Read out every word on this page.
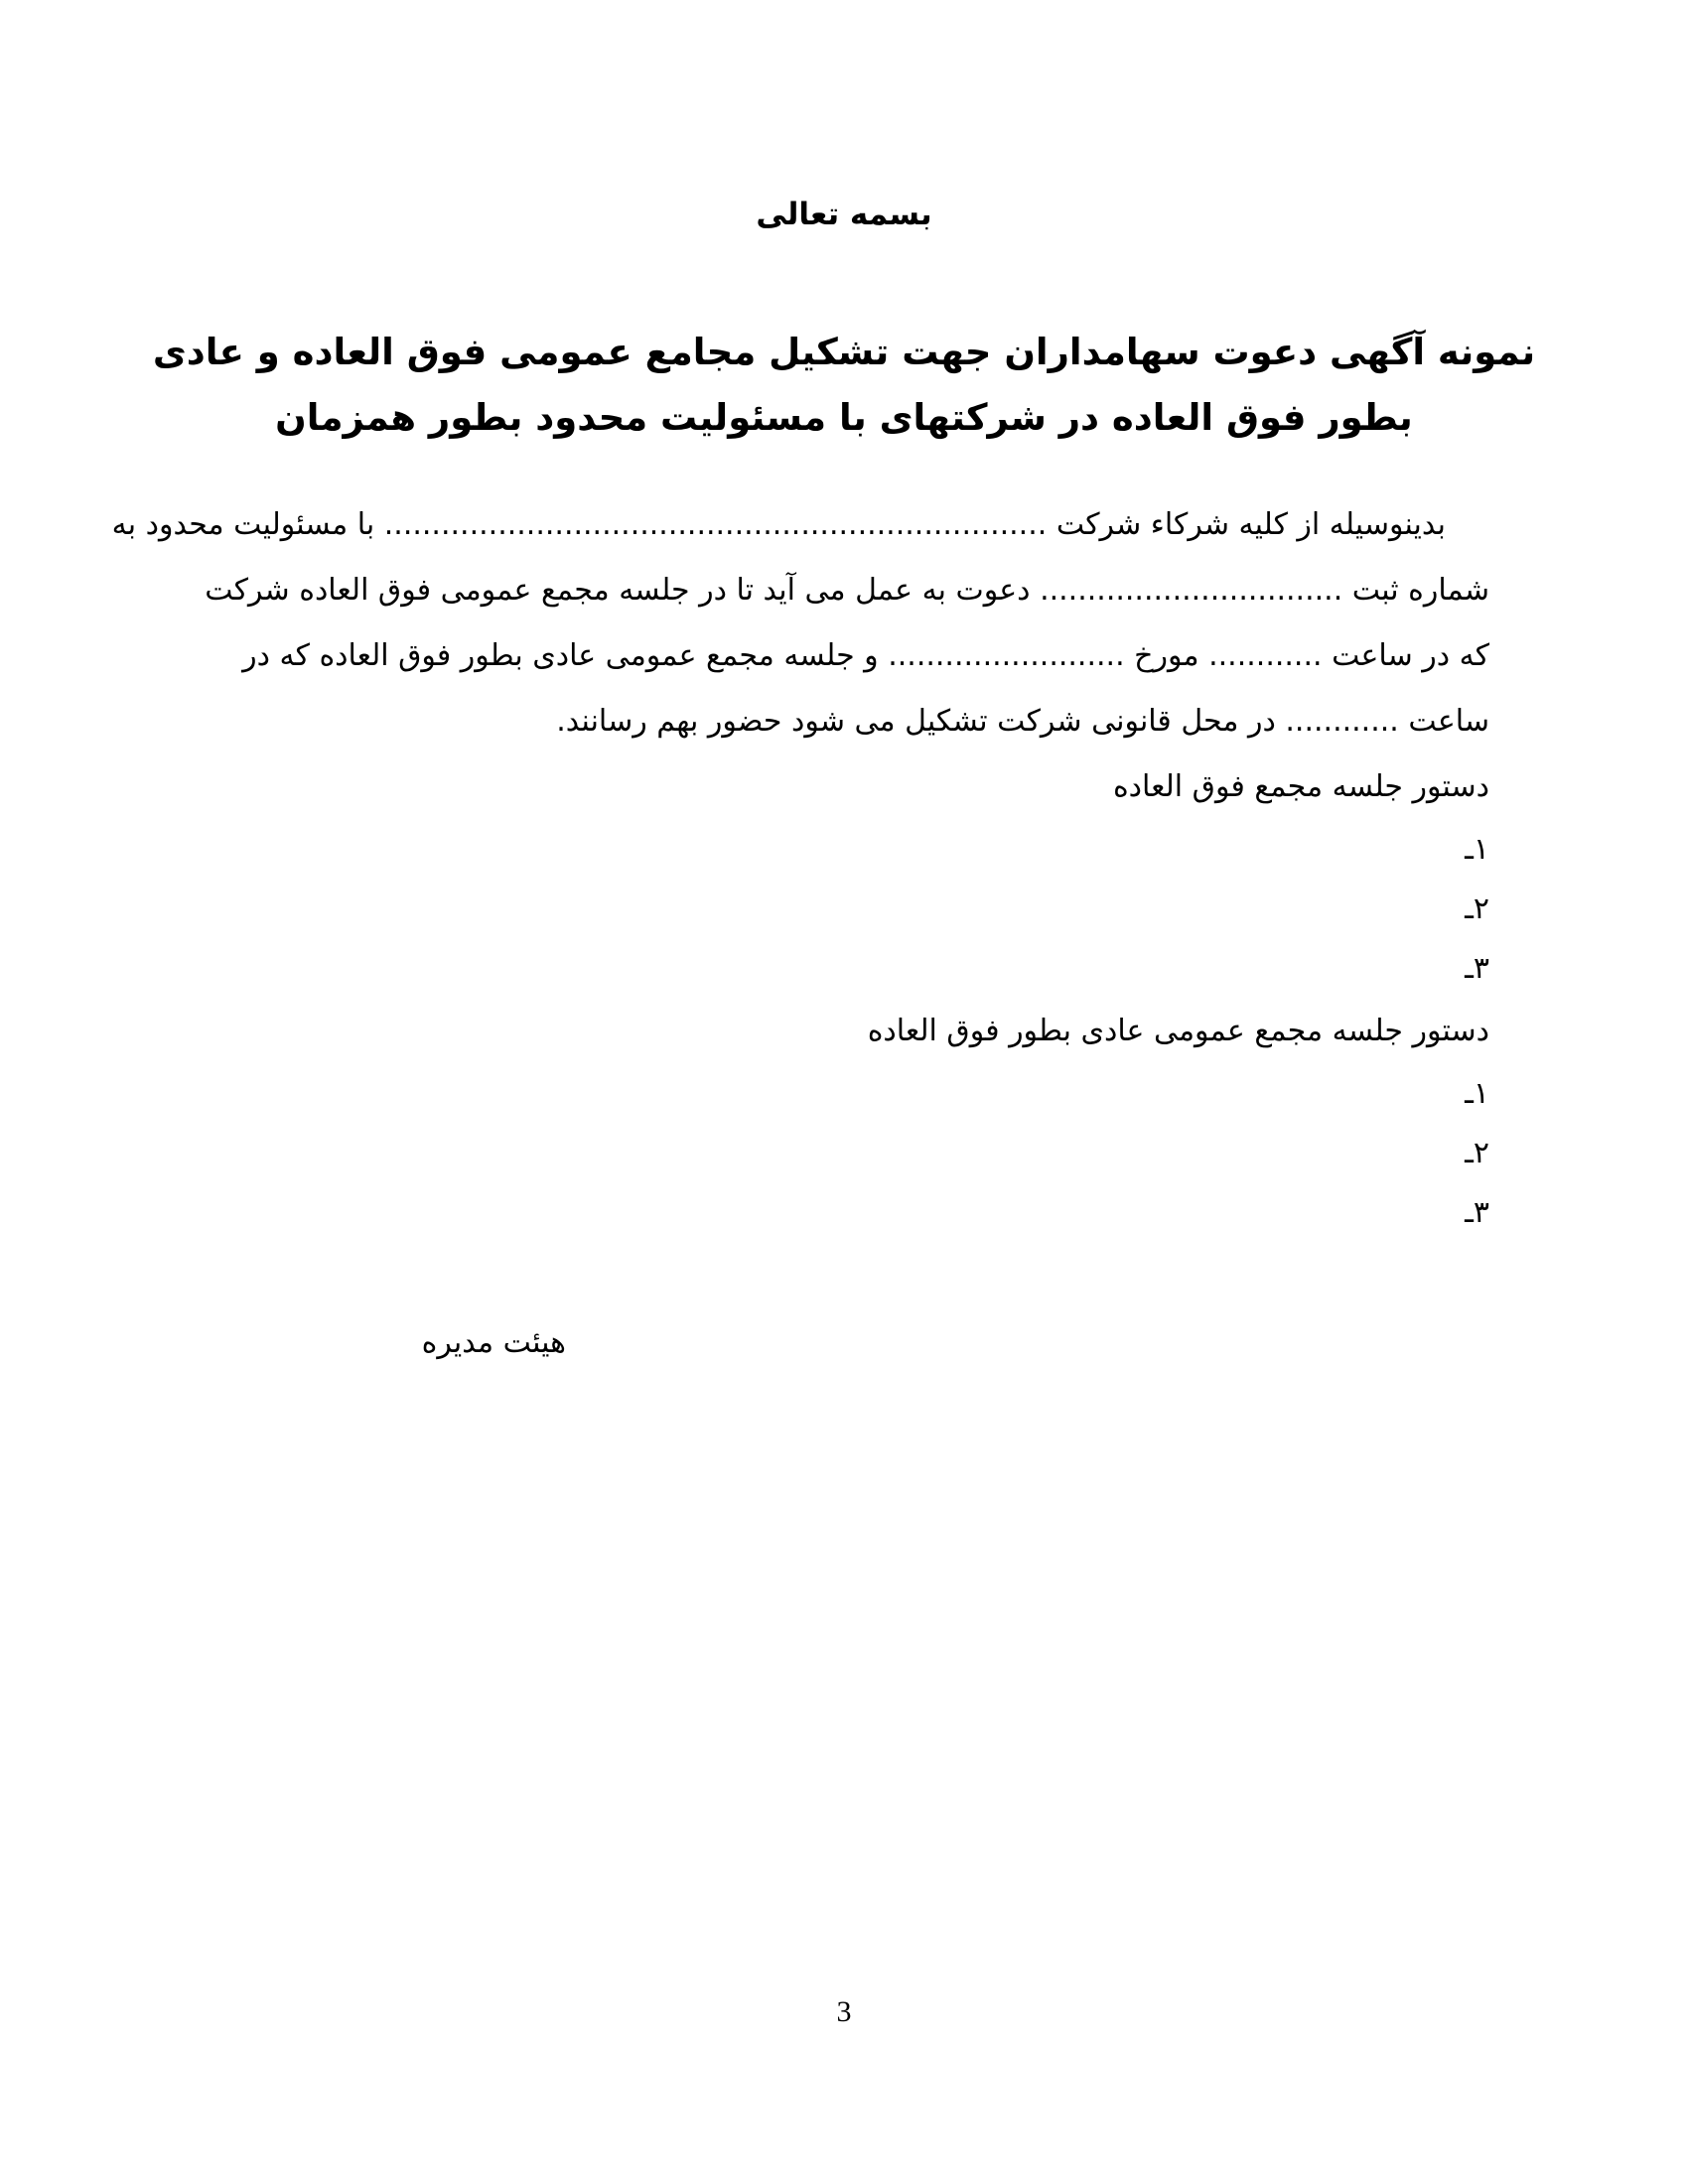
بسمه تعالی
نمونه آگهی دعوت سهامداران جهت تشکیل مجامع عمومی فوق العاده و عادی
بطور فوق العاده در شرکتهای با مسئولیت محدود بطور همزمان
بدینوسیله از کلیه شرکاء شرکت ...................................................................... با مسئولیت محدود به
شماره ثبت ................................ دعوت به عمل می آید تا در جلسه مجمع عمومی فوق العاده شرکت
که در ساعت ............ مورخ ......................... و جلسه مجمع عمومی عادی بطور فوق العاده که در
ساعت ............ در محل قانونی شرکت تشکیل می شود حضور بهم رسانند.
دستور جلسه مجمع فوق العاده
۱ـ
۲ـ
۳ـ
دستور جلسه مجمع عمومی عادی بطور فوق العاده
۱ـ
۲ـ
۳ـ
هیئت مدیره
3
